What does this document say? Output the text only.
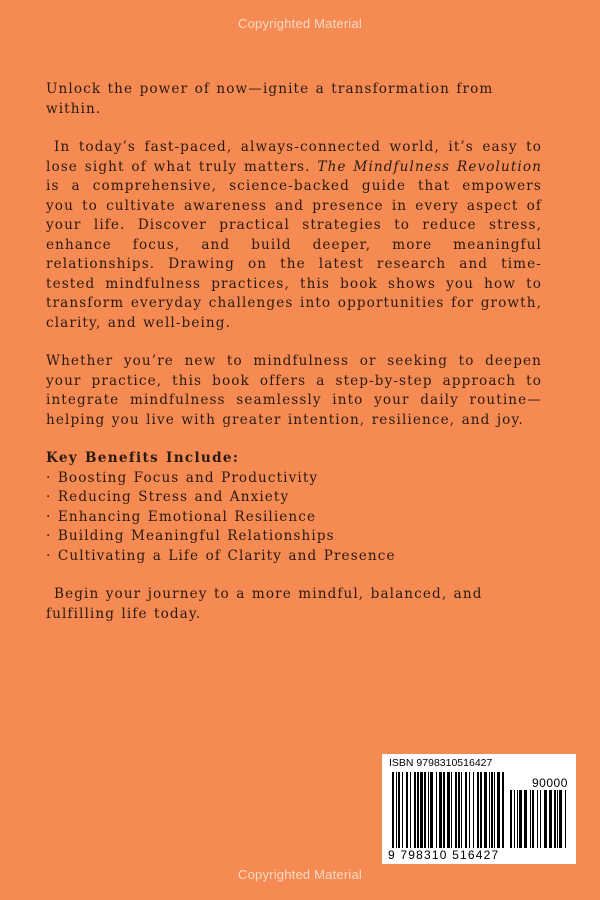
Copyrighted Material

Unlock the power of now—ignite a transformation from within.

In today’s fast-paced, always-connected world, it’s easy to lose sight of what truly matters. The Mindfulness Revolution is a comprehensive, science-backed guide that empowers you to cultivate awareness and presence in every aspect of your life. Discover practical strategies to reduce stress, enhance focus, and build deeper, more meaningful relationships. Drawing on the latest research and time-tested mindfulness practices, this book shows you how to transform everyday challenges into opportunities for growth, clarity, and well-being.

Whether you’re new to mindfulness or seeking to deepen your practice, this book offers a step-by-step approach to integrate mindfulness seamlessly into your daily routine—helping you live with greater intention, resilience, and joy.

Key Benefits Include:
· Boosting Focus and Productivity
· Reducing Stress and Anxiety
· Enhancing Emotional Resilience
· Building Meaningful Relationships
· Cultivating a Life of Clarity and Presence

Begin your journey to a more mindful, balanced, and fulfilling life today.

ISBN 9798310516427
90000
9 798310 516427
Copyrighted Material
